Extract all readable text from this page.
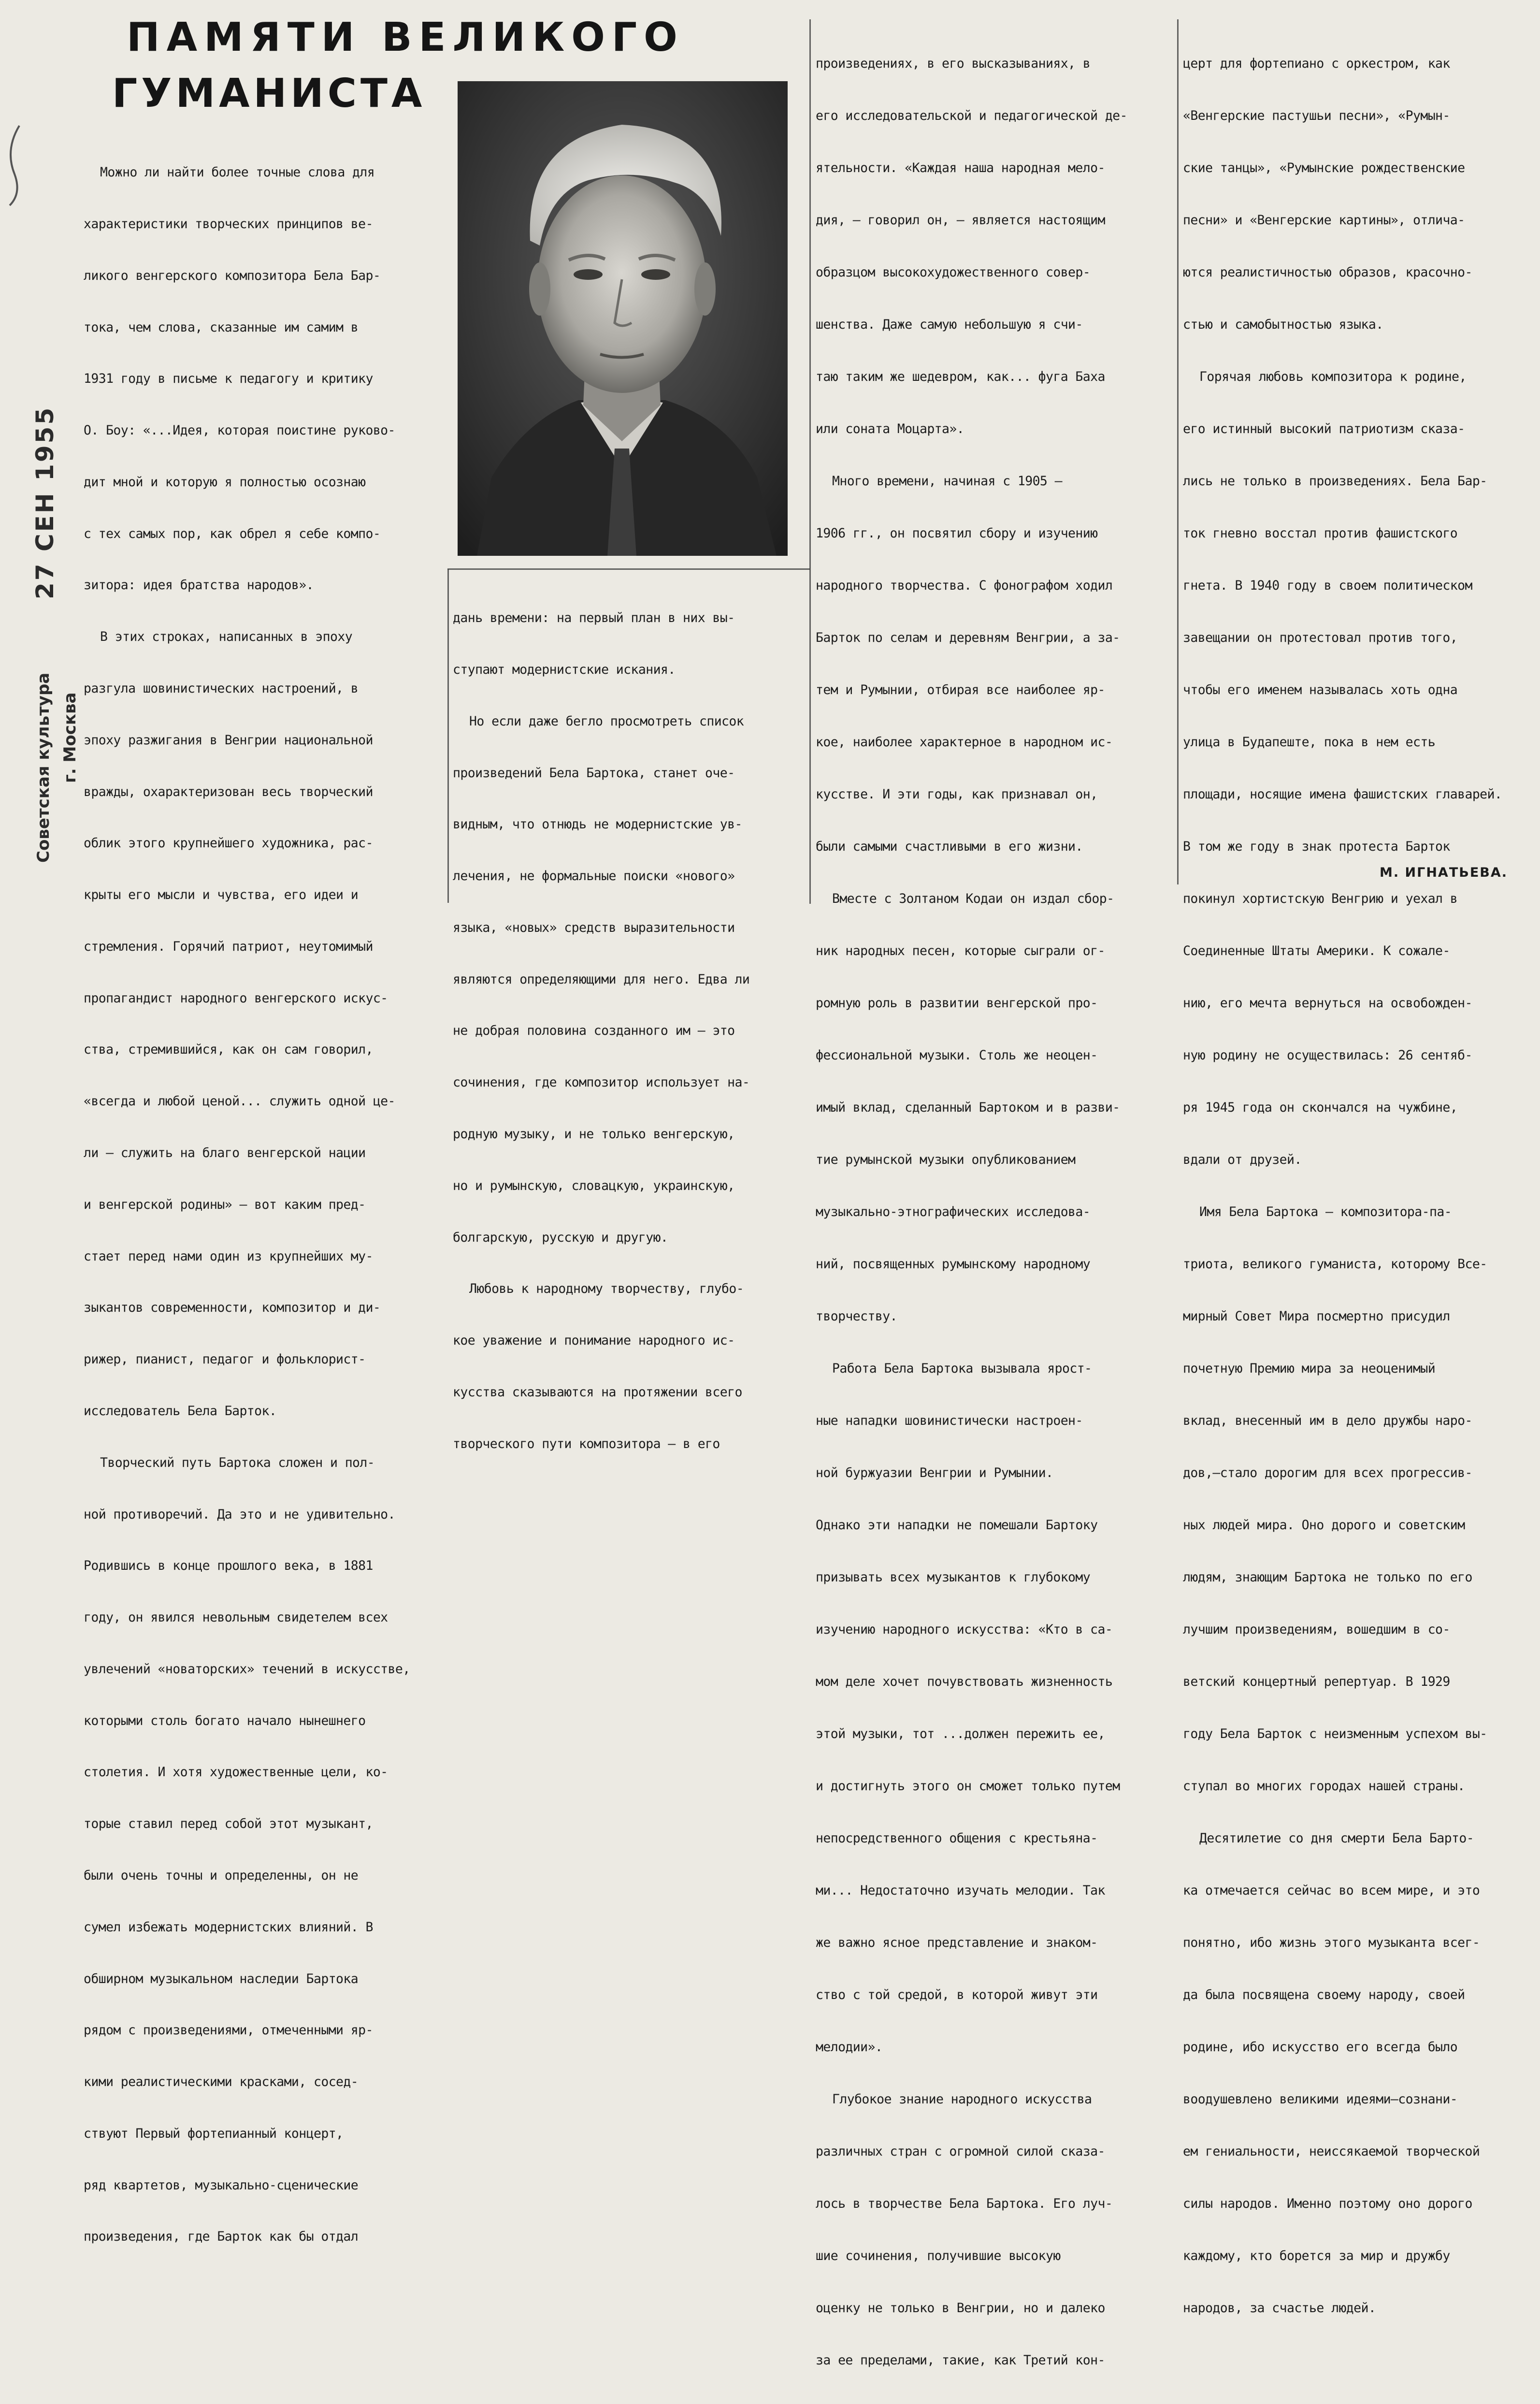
ПАМЯТИ ВЕЛИКОГО
ГУМАНИСТА

Можно ли найти более точные слова для

характеристики творческих принципов ве-

ликого венгерского композитора Бела Бар-

тока, чем слова, сказанные им самим в

1931 году в письме к педагогу и критику

О. Боу: «...Идея, которая поистине руково-

дит мной и которую я полностью осознаю

с тех самых пор, как обрел я себе компо-

зитора: идея братства народов».

В этих строках, написанных в эпоху

разгула шовинистических настроений, в

эпоху разжигания в Венгрии национальной

вражды, охарактеризован весь творческий

облик этого крупнейшего художника, рас-

крыты его мысли и чувства, его идеи и

стремления. Горячий патриот, неутомимый

пропагандист народного венгерского искус-

ства, стремившийся, как он сам говорил,

«всегда и любой ценой... служить одной це-

ли — служить на благо венгерской нации

и венгерской родины» — вот каким пред-

стает перед нами один из крупнейших му-

зыкантов современности, композитор и ди-

рижер, пианист, педагог и фольклорист-

исследователь Бела Барток.

Творческий путь Бартока сложен и пол-

ной противоречий. Да это и не удивительно.

Родившись в конце прошлого века, в 1881

году, он явился невольным свидетелем всех

увлечений «новаторских» течений в искусстве,

которыми столь богато начало нынешнего

столетия. И хотя художественные цели, ко-

торые ставил перед собой этот музыкант,

были очень точны и определенны, он не

сумел избежать модернистских влияний. В

обширном музыкальном наследии Бартока

рядом с произведениями, отмеченными яр-

кими реалистическими красками, сосед-

ствуют Первый фортепианный концерт,

ряд квартетов, музыкально-сценические

произведения, где Барток как бы отдал

дань времени: на первый план в них вы-

ступают модернистские искания.

Но если даже бегло просмотреть список

произведений Бела Бартока, станет оче-

видным, что отнюдь не модернистские ув-

лечения, не формальные поиски «нового»

языка, «новых» средств выразительности

являются определяющими для него. Едва ли

не добрая половина созданного им — это

сочинения, где композитор использует на-

родную музыку, и не только венгерскую,

но и румынскую, словацкую, украинскую,

болгарскую, русскую и другую.

Любовь к народному творчеству, глубо-

кое уважение и понимание народного ис-

кусства сказываются на протяжении всего

творческого пути композитора — в его

произведениях, в его высказываниях, в

его исследовательской и педагогической де-

ятельности. «Каждая наша народная мело-

дия, — говорил он, — является настоящим

образцом высокохудожественного совер-

шенства. Даже самую небольшую я счи-

таю таким же шедевром, как... фуга Баха

или соната Моцарта».

Много времени, начиная с 1905 —

1906 гг., он посвятил сбору и изучению

народного творчества. С фонографом ходил

Барток по селам и деревням Венгрии, а за-

тем и Румынии, отбирая все наиболее яр-

кое, наиболее характерное в народном ис-

кусстве. И эти годы, как признавал он,

были самыми счастливыми в его жизни.

Вместе с Золтаном Кодаи он издал сбор-

ник народных песен, которые сыграли ог-

ромную роль в развитии венгерской про-

фессиональной музыки. Столь же неоцен-

имый вклад, сделанный Бартоком и в разви-

тие румынской музыки опубликованием

музыкально-этнографических исследова-

ний, посвященных румынскому народному

творчеству.

Работа Бела Бартока вызывала ярост-

ные нападки шовинистически настроен-

ной буржуазии Венгрии и Румынии.

Однако эти нападки не помешали Бартоку

призывать всех музыкантов к глубокому

изучению народного искусства: «Кто в са-

мом деле хочет почувствовать жизненность

этой музыки, тот ...должен пережить ее,

и достигнуть этого он сможет только путем

непосредственного общения с крестьяна-

ми... Недостаточно изучать мелодии. Так

же важно ясное представление и знаком-

ство с той средой, в которой живут эти

мелодии».

Глубокое знание народного искусства

различных стран с огромной силой сказа-

лось в творчестве Бела Бартока. Его луч-

шие сочинения, получившие высокую

оценку не только в Венгрии, но и далеко

за ее пределами, такие, как Третий кон-

церт для фортепиано с оркестром, как

«Венгерские пастушьи песни», «Румын-

ские танцы», «Румынские рождественские

песни» и «Венгерские картины», отлича-

ются реалистичностью образов, красочно-

стью и самобытностью языка.

Горячая любовь композитора к родине,

его истинный высокий патриотизм сказа-

лись не только в произведениях. Бела Бар-

ток гневно восстал против фашистского

гнета. В 1940 году в своем политическом

завещании он протестовал против того,

чтобы его именем называлась хоть одна

улица в Будапеште, пока в нем есть

площади, носящие имена фашистских главарей.

В том же году в знак протеста Барток

покинул хортистскую Венгрию и уехал в

Соединенные Штаты Америки. К сожале-

нию, его мечта вернуться на освобожден-

ную родину не осуществилась: 26 сентяб-

ря 1945 года он скончался на чужбине,

вдали от друзей.

Имя Бела Бартока — композитора-па-

триота, великого гуманиста, которому Все-

мирный Совет Мира посмертно присудил

почетную Премию мира за неоценимый

вклад, внесенный им в дело дружбы наро-

дов,—стало дорогим для всех прогрессив-

ных людей мира. Оно дорого и советским

людям, знающим Бартока не только по его

лучшим произведениям, вошедшим в со-

ветский концертный репертуар. В 1929

году Бела Барток с неизменным успехом вы-

ступал во многих городах нашей страны.

Десятилетие со дня смерти Бела Барто-

ка отмечается сейчас во всем мире, и это

понятно, ибо жизнь этого музыканта всег-

да была посвящена своему народу, своей

родине, ибо искусство его всегда было

воодушевлено великими идеями—сознани-

ем гениальности, неиссякаемой творческой

силы народов. Именно поэтому оно дорого

каждому, кто борется за мир и дружбу

народов, за счастье людей.

М. ИГНАТЬЕВА.
27 СЕН 1955
Советская культура г. Москва
